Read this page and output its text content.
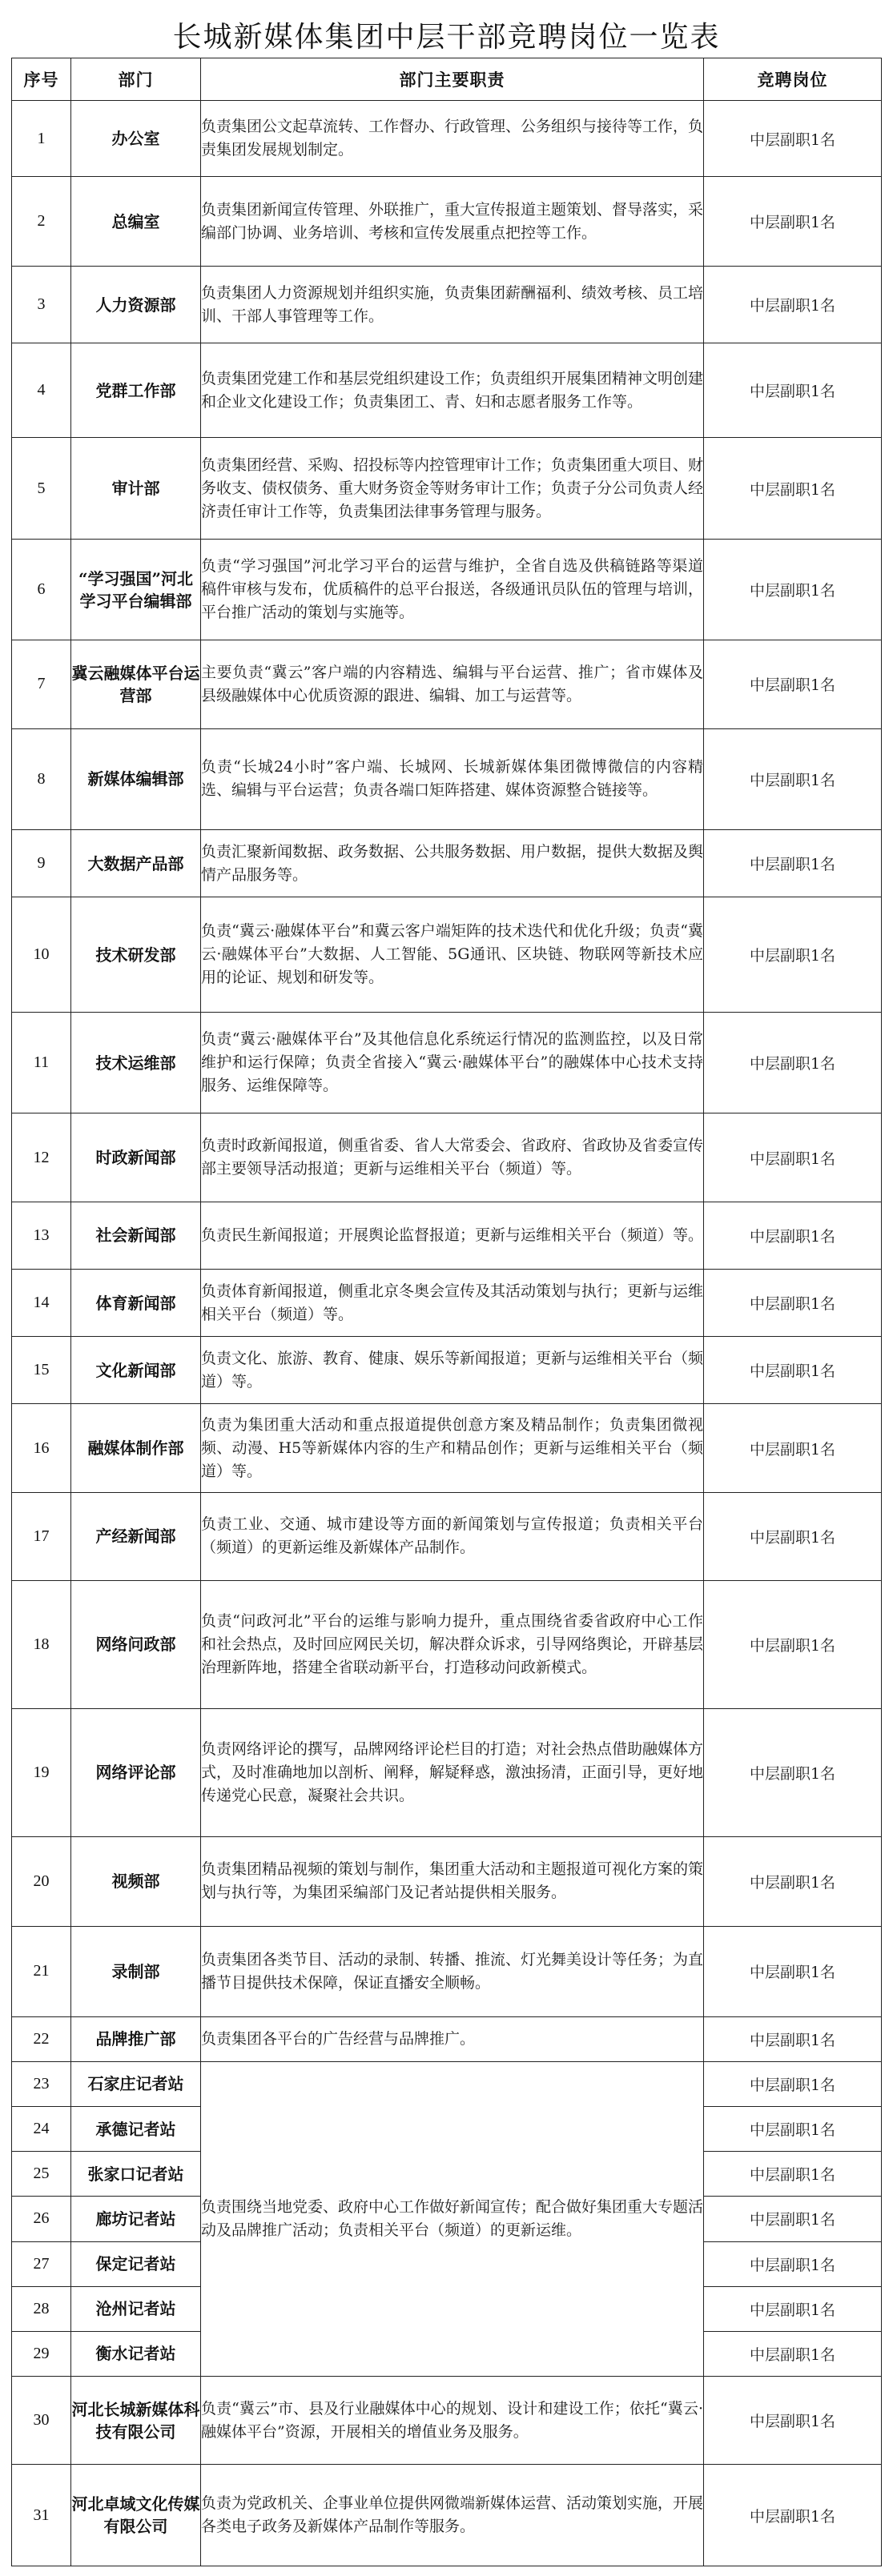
长城新媒体集团中层干部竞聘岗位一览表
序号	部门	部门主要职责	竞聘岗位
1	办公室	负责集团公文起草流转、工作督办、行政管理、公务组织与接待等工作，负责集团发展规划制定。	中层副职1名
2	总编室	负责集团新闻宣传管理、外联推广，重大宣传报道主题策划、督导落实，采编部门协调、业务培训、考核和宣传发展重点把控等工作。	中层副职1名
3	人力资源部	负责集团人力资源规划并组织实施，负责集团薪酬福利、绩效考核、员工培训、干部人事管理等工作。	中层副职1名
4	党群工作部	负责集团党建工作和基层党组织建设工作；负责组织开展集团精神文明创建和企业文化建设工作；负责集团工、青、妇和志愿者服务工作等。	中层副职1名
5	审计部	负责集团经营、采购、招投标等内控管理审计工作；负责集团重大项目、财务收支、债权债务、重大财务资金等财务审计工作；负责子分公司负责人经济责任审计工作等，负责集团法律事务管理与服务。	中层副职1名
6	“学习强国”河北学习平台编辑部	负责“学习强国”河北学习平台的运营与维护，全省自选及供稿链路等渠道稿件审核与发布，优质稿件的总平台报送，各级通讯员队伍的管理与培训，平台推广活动的策划与实施等。	中层副职1名
7	冀云融媒体平台运营部	主要负责“冀云”客户端的内容精选、编辑与平台运营、推广；省市媒体及县级融媒体中心优质资源的跟进、编辑、加工与运营等。	中层副职1名
8	新媒体编辑部	负责“长城24小时”客户端、长城网、长城新媒体集团微博微信的内容精选、编辑与平台运营；负责各端口矩阵搭建、媒体资源整合链接等。	中层副职1名
9	大数据产品部	负责汇聚新闻数据、政务数据、公共服务数据、用户数据，提供大数据及舆情产品服务等。	中层副职1名
10	技术研发部	负责“冀云·融媒体平台”和冀云客户端矩阵的技术迭代和优化升级；负责“冀云·融媒体平台”大数据、人工智能、5G通讯、区块链、物联网等新技术应用的论证、规划和研发等。	中层副职1名
11	技术运维部	负责“冀云·融媒体平台”及其他信息化系统运行情况的监测监控，以及日常维护和运行保障；负责全省接入“冀云·融媒体平台”的融媒体中心技术支持服务、运维保障等。	中层副职1名
12	时政新闻部	负责时政新闻报道，侧重省委、省人大常委会、省政府、省政协及省委宣传部主要领导活动报道；更新与运维相关平台（频道）等。	中层副职1名
13	社会新闻部	负责民生新闻报道；开展舆论监督报道；更新与运维相关平台（频道）等。	中层副职1名
14	体育新闻部	负责体育新闻报道，侧重北京冬奥会宣传及其活动策划与执行；更新与运维相关平台（频道）等。	中层副职1名
15	文化新闻部	负责文化、旅游、教育、健康、娱乐等新闻报道；更新与运维相关平台（频道）等。	中层副职1名
16	融媒体制作部	负责为集团重大活动和重点报道提供创意方案及精品制作；负责集团微视频、动漫、H5等新媒体内容的生产和精品创作；更新与运维相关平台（频道）等。	中层副职1名
17	产经新闻部	负责工业、交通、城市建设等方面的新闻策划与宣传报道；负责相关平台（频道）的更新运维及新媒体产品制作。	中层副职1名
18	网络问政部	负责“问政河北”平台的运维与影响力提升，重点围绕省委省政府中心工作和社会热点，及时回应网民关切，解决群众诉求，引导网络舆论，开辟基层治理新阵地，搭建全省联动新平台，打造移动问政新模式。	中层副职1名
19	网络评论部	负责网络评论的撰写，品牌网络评论栏目的打造；对社会热点借助融媒体方式，及时准确地加以剖析、阐释，解疑释惑，激浊扬清，正面引导，更好地传递党心民意，凝聚社会共识。	中层副职1名
20	视频部	负责集团精品视频的策划与制作，集团重大活动和主题报道可视化方案的策划与执行等，为集团采编部门及记者站提供相关服务。	中层副职1名
21	录制部	负责集团各类节目、活动的录制、转播、推流、灯光舞美设计等任务；为直播节目提供技术保障，保证直播安全顺畅。	中层副职1名
22	品牌推广部	负责集团各平台的广告经营与品牌推广。	中层副职1名
23	石家庄记者站	负责围绕当地党委、政府中心工作做好新闻宣传；配合做好集团重大专题活动及品牌推广活动；负责相关平台（频道）的更新运维。	中层副职1名
24	承德记者站		中层副职1名
25	张家口记者站		中层副职1名
26	廊坊记者站		中层副职1名
27	保定记者站		中层副职1名
28	沧州记者站		中层副职1名
29	衡水记者站		中层副职1名
30	河北长城新媒体科技有限公司	负责“冀云”市、县及行业融媒体中心的规划、设计和建设工作；依托“冀云·融媒体平台”资源，开展相关的增值业务及服务。	中层副职1名
31	河北卓域文化传媒有限公司	负责为党政机关、企事业单位提供网微端新媒体运营、活动策划实施，开展各类电子政务及新媒体产品制作等服务。	中层副职1名
